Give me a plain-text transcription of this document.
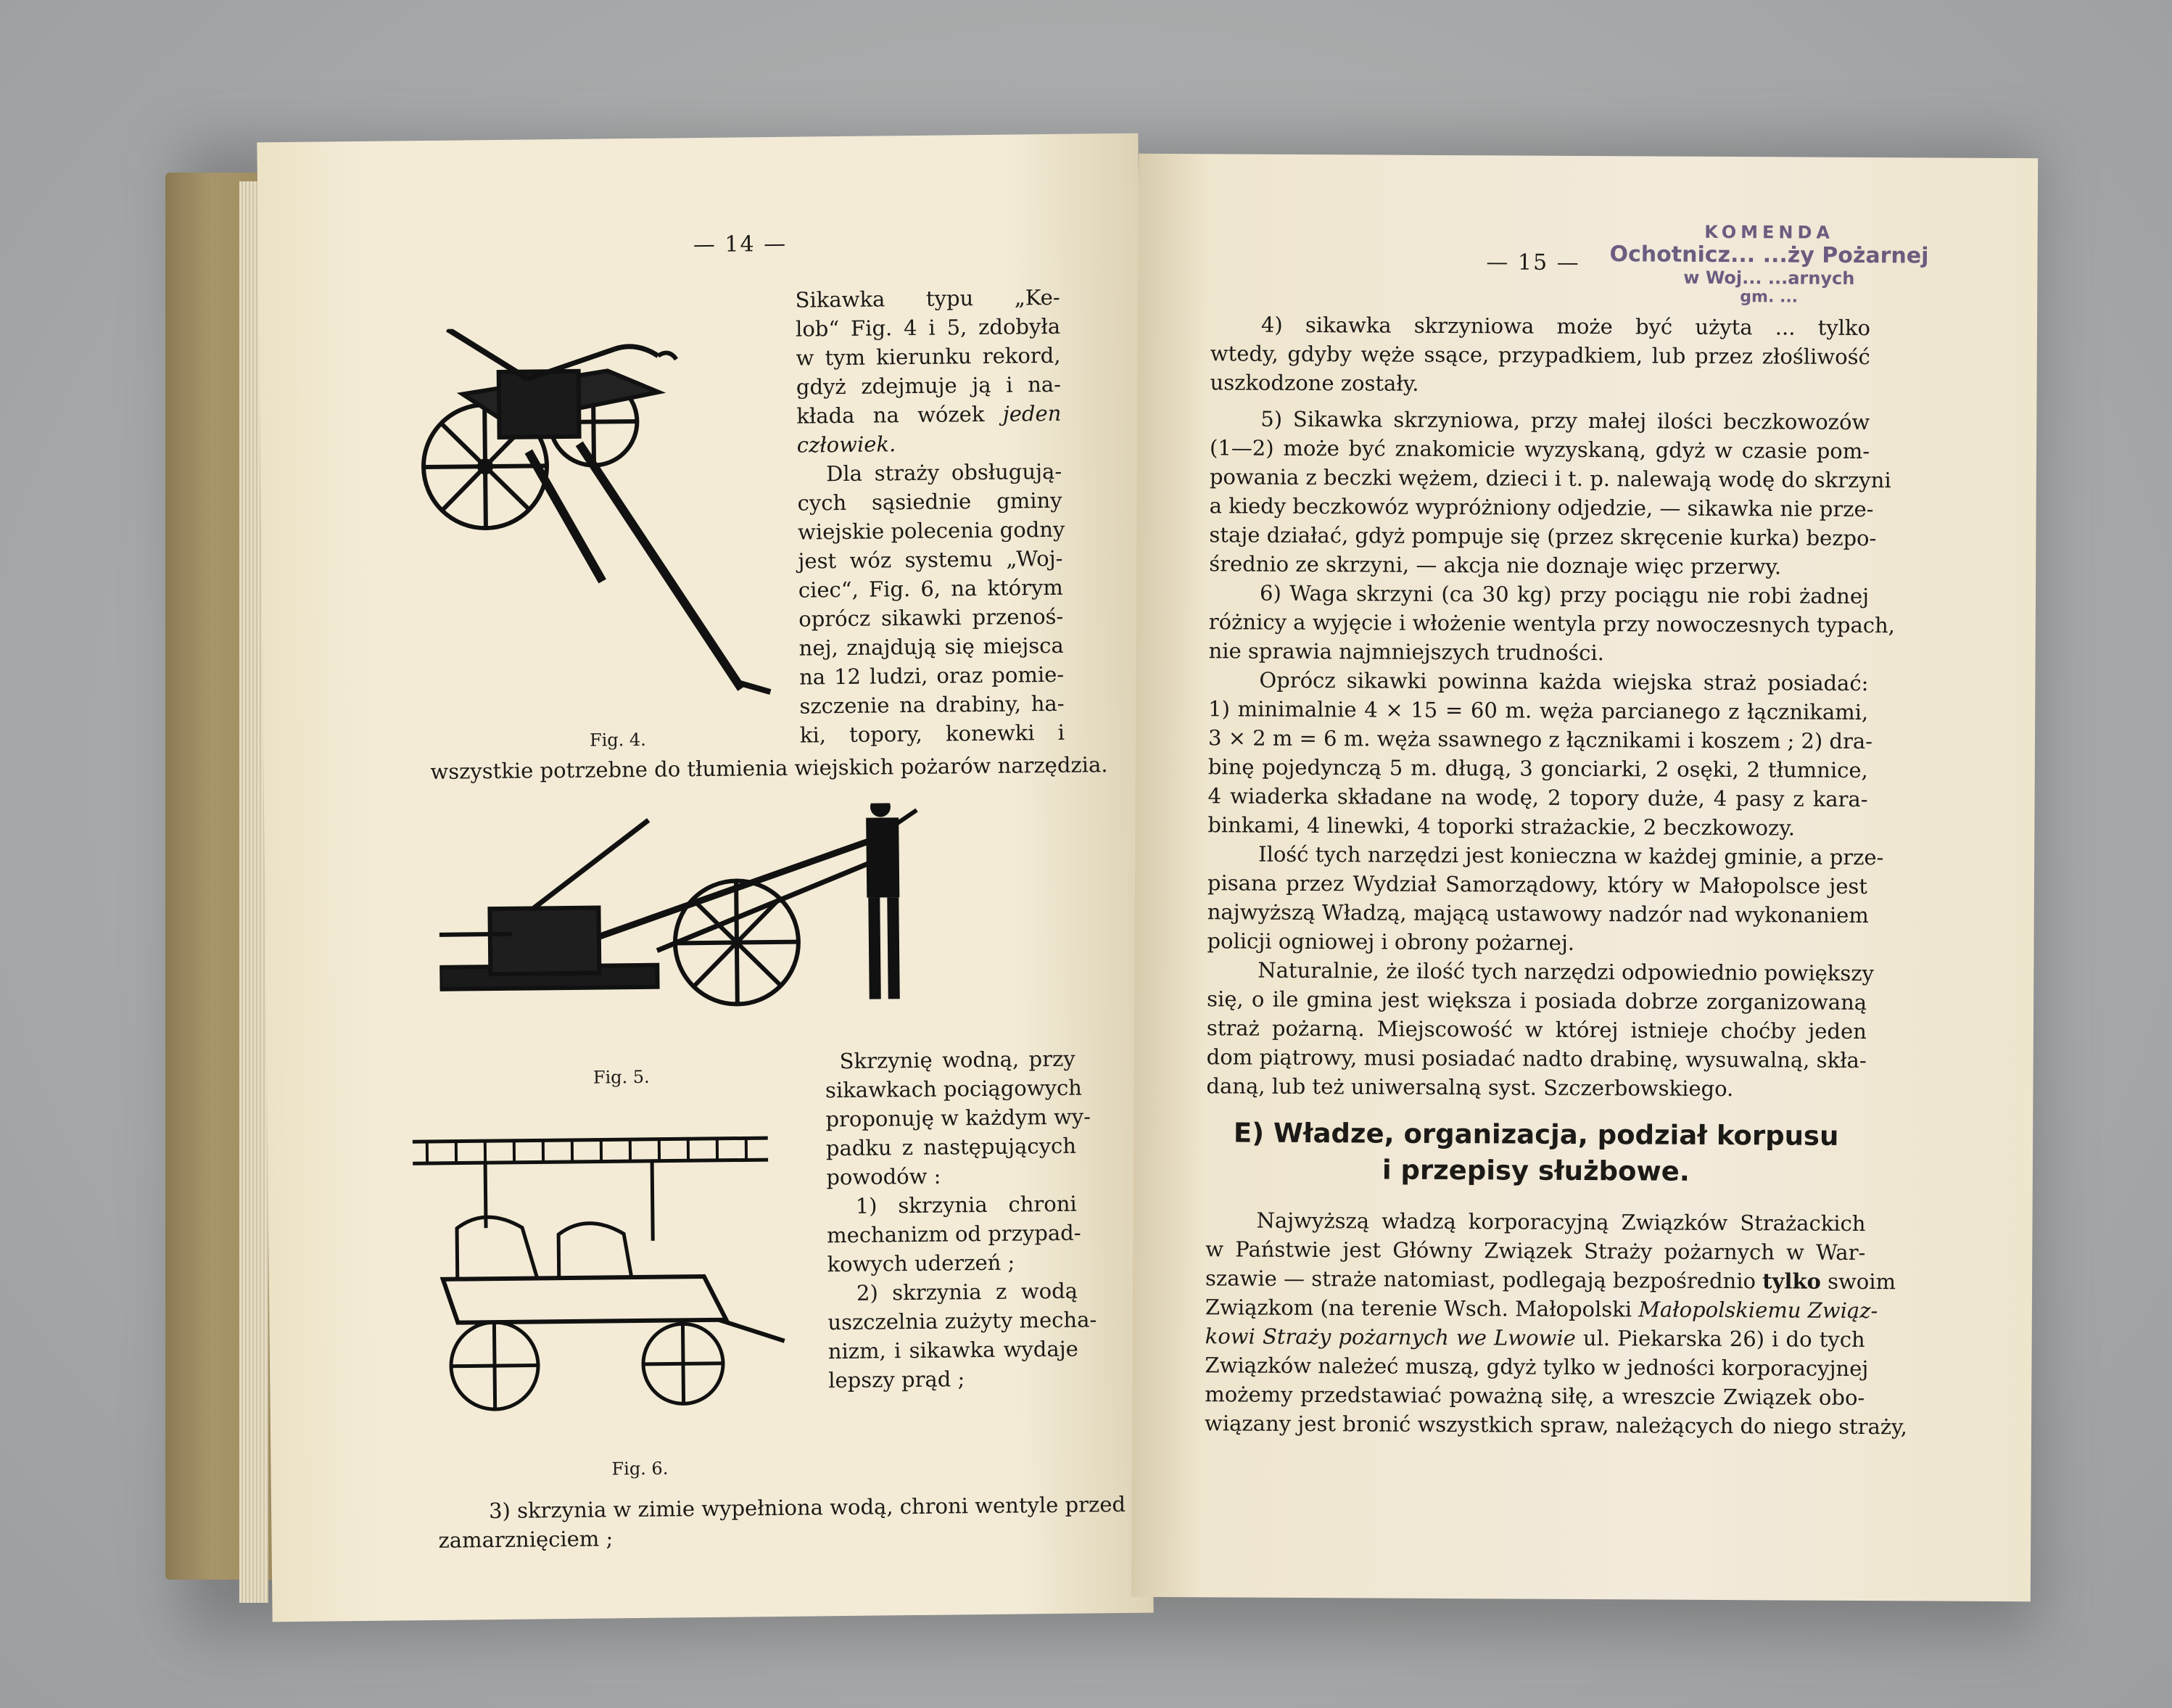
— 14 —
Sikawka typu „Ke-
lob“ Fig. 4 i 5, zdobyła
w tym kierunku rekord,
gdyż zdejmuje ją i na-
kłada na wózek jeden
człowiek.
Dla straży obsługują-
cych sąsiednie gminy
wiejskie polecenia godny
jest wóz systemu „Woj-
ciec“, Fig. 6, na którym
oprócz sikawki przenoś-
nej, znajdują się miejsca
na 12 ludzi, oraz pomie-
szczenie na drabiny, ha-
ki, topory, konewki i
Fig. 4.
wszystkie potrzebne do tłumienia wiejskich pożarów narzędzia.
Fig. 5.
Fig. 6.
Skrzynię wodną, przy
sikawkach pociągowych
proponuję w każdym wy-
padku z następujących
powodów :
1) skrzynia chroni
mechanizm od przypad-
kowych uderzeń ;
2) skrzynia z wodą
uszczelnia zużyty mecha-
nizm, i sikawka wydaje
lepszy prąd ;
3) skrzynia w zimie wypełniona wodą, chroni wentyle przed
zamarznięciem ;
— 15 —
KOMENDA
Ochotnicz... ...ży Pożarnej
w Woj... ...arnych
gm. ...
4) sikawka skrzyniowa może być użyta ... tylko
wtedy, gdyby węże ssące, przypadkiem, lub przez złośliwość
uszkodzone zostały.
5) Sikawka skrzyniowa, przy małej ilości beczkowozów
(1—2) może być znakomicie wyzyskaną, gdyż w czasie pom-
powania z beczki wężem, dzieci i t. p. nalewają wodę do skrzyni
a kiedy beczkowóz wypróżniony odjedzie, — sikawka nie prze-
staje działać, gdyż pompuje się (przez skręcenie kurka) bezpo-
średnio ze skrzyni, — akcja nie doznaje więc przerwy.
6) Waga skrzyni (ca 30 kg) przy pociągu nie robi żadnej
różnicy a wyjęcie i włożenie wentyla przy nowoczesnych typach,
nie sprawia najmniejszych trudności.
Oprócz sikawki powinna każda wiejska straż posiadać:
1) minimalnie 4 × 15 = 60 m. węża parcianego z łącznikami,
3 × 2 m = 6 m. węża ssawnego z łącznikami i koszem ; 2) dra-
binę pojedynczą 5 m. długą, 3 gonciarki, 2 osęki, 2 tłumnice,
4 wiaderka składane na wodę, 2 topory duże, 4 pasy z kara-
binkami, 4 linewki, 4 toporki strażackie, 2 beczkowozy.
Ilość tych narzędzi jest konieczna w każdej gminie, a prze-
pisana przez Wydział Samorządowy, który w Małopolsce jest
najwyższą Władzą, mającą ustawowy nadzór nad wykonaniem
policji ogniowej i obrony pożarnej.
Naturalnie, że ilość tych narzędzi odpowiednio powiększy
się, o ile gmina jest większa i posiada dobrze zorganizowaną
straż pożarną. Miejscowość w której istnieje choćby jeden
dom piątrowy, musi posiadać nadto drabinę, wysuwalną, skła-
daną, lub też uniwersalną syst. Szczerbowskiego.
E) Władze, organizacja, podział korpusu
i przepisy służbowe.
Najwyższą władzą korporacyjną Związków Strażackich
w Państwie jest Główny Związek Straży pożarnych w War-
szawie — straże natomiast, podlegają bezpośrednio tylko swoim
Związkom (na terenie Wsch. Małopolski Małopolskiemu Związ-
kowi Straży pożarnych we Lwowie ul. Piekarska 26) i do tych
Związków należeć muszą, gdyż tylko w jedności korporacyjnej
możemy przedstawiać poważną siłę, a wreszcie Związek obo-
wiązany jest bronić wszystkich spraw, należących do niego straży,
